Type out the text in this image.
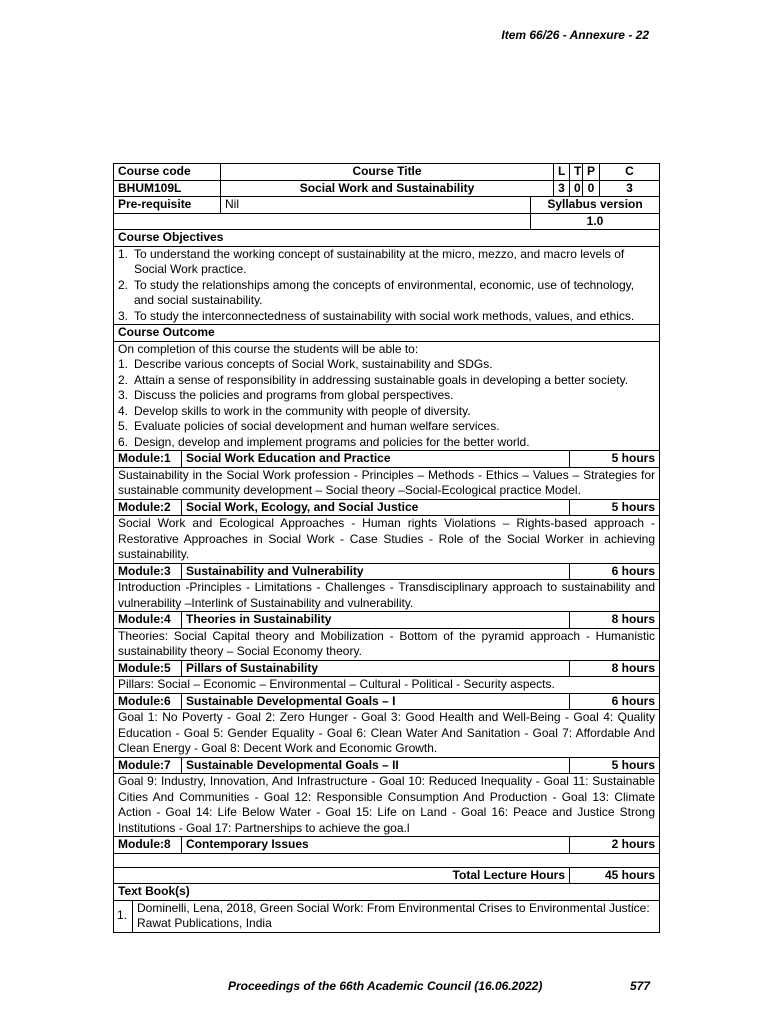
Item 66/26 - Annexure - 22
Course code	Course Title	L	T	P	C
BHUM109L	Social Work and Sustainability	3	0	0	3
Pre-requisite	Nil	Syllabus version
	1.0
Course Objectives

1. To understand the working concept of sustainability at the micro, mezzo, and macro levels of Social Work practice.
2. To study the relationships among the concepts of environmental, economic, use of technology, and social sustainability.
3. To study the interconnectedness of sustainability with social work methods, values, and ethics.

Course Outcome

On completion of this course the students will be able to:
1. Describe various concepts of Social Work, sustainability and SDGs.
2. Attain a sense of responsibility in addressing sustainable goals in developing a better society.
3. Discuss the policies and programs from global perspectives.
4. Develop skills to work in the community with people of diversity.
5. Evaluate policies of social development and human welfare services.
6. Design, develop and implement programs and policies for the better world.

Module:1	Social Work Education and Practice	5 hours
Sustainability in the Social Work profession - Principles – Methods - Ethics – Values – Strategies for sustainable community development – Social theory –Social-Ecological practice Model.
Module:2	Social Work, Ecology, and Social Justice	5 hours
Social Work and Ecological Approaches - Human rights Violations – Rights-based approach - Restorative Approaches in Social Work - Case Studies - Role of the Social Worker in achieving sustainability.
Module:3	Sustainability and Vulnerability	6 hours
Introduction -Principles - Limitations - Challenges - Transdisciplinary approach to sustainability and vulnerability –Interlink of Sustainability and vulnerability.
Module:4	Theories in Sustainability	8 hours
Theories: Social Capital theory and Mobilization - Bottom of the pyramid approach - Humanistic sustainability theory – Social Economy theory.
Module:5	Pillars of Sustainability	8 hours
Pillars: Social – Economic – Environmental – Cultural - Political - Security aspects.
Module:6	Sustainable Developmental Goals – I	6 hours
Goal 1: No Poverty - Goal 2: Zero Hunger - Goal 3: Good Health and Well-Being - Goal 4: Quality Education - Goal 5: Gender Equality - Goal 6: Clean Water And Sanitation - Goal 7: Affordable And Clean Energy - Goal 8: Decent Work and Economic Growth.
Module:7	Sustainable Developmental Goals – II	5 hours
Goal 9: Industry, Innovation, And Infrastructure - Goal 10: Reduced Inequality - Goal 11: Sustainable Cities And Communities - Goal 12: Responsible Consumption And Production - Goal 13: Climate Action - Goal 14: Life Below Water - Goal 15: Life on Land - Goal 16: Peace and Justice Strong Institutions - Goal 17: Partnerships to achieve the goa.l
Module:8	Contemporary Issues	2 hours

Total Lecture Hours	45 hours
Text Book(s)

1.	Dominelli, Lena, 2018, Green Social Work: From Environmental Crises to Environmental Justice: Rawat Publications, India
Proceedings of the 66th Academic Council (16.06.2022)	577
